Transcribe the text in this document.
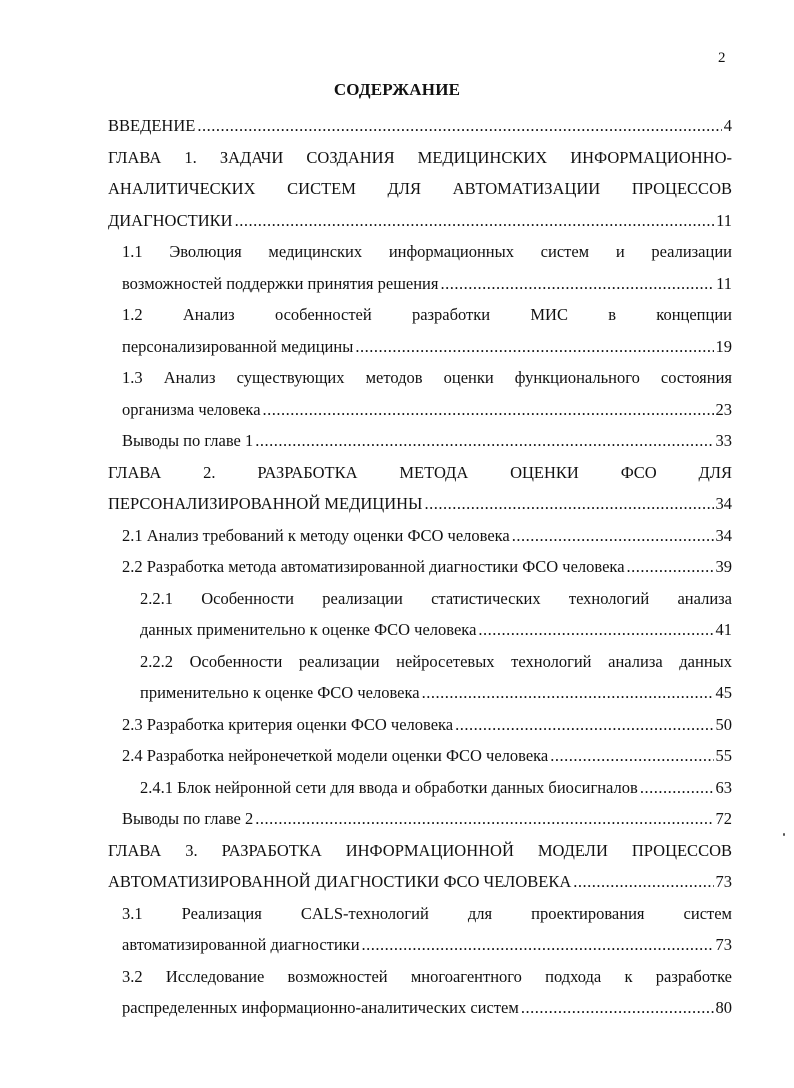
2
СОДЕРЖАНИЕ
ВВЕДЕНИЕ .....	4
ГЛАВА 1. ЗАДАЧИ СОЗДАНИЯ МЕДИЦИНСКИХ ИНФОРМАЦИОННО-
АНАЛИТИЧЕСКИХ СИСТЕМ ДЛЯ АВТОМАТИЗАЦИИ ПРОЦЕССОВ
ДИАГНОСТИКИ .....	11
1.1 Эволюция медицинских информационных систем и реализации
возможностей поддержки принятия решения .....	11
1.2 Анализ особенностей разработки МИС в концепции
персонализированной медицины .....	19
1.3 Анализ существующих методов оценки функционального состояния
организма человека .....	23
Выводы по главе 1 .....	33
ГЛАВА 2. РАЗРАБОТКА МЕТОДА ОЦЕНКИ ФСО ДЛЯ
ПЕРСОНАЛИЗИРОВАННОЙ МЕДИЦИНЫ .....	34
2.1 Анализ требований к методу оценки ФСО человека .....	34
2.2 Разработка метода автоматизированной диагностики ФСО человека .....	39
2.2.1 Особенности реализации статистических технологий анализа
данных применительно к оценке ФСО человека .....	41
2.2.2 Особенности реализации нейросетевых технологий анализа данных
применительно к оценке ФСО человека .....	45
2.3 Разработка критерия оценки ФСО человека .....	50
2.4 Разработка нейронечеткой модели оценки ФСО человека .....	55
2.4.1 Блок нейронной сети для ввода и обработки данных биосигналов .....	63
Выводы по главе 2 .....	72
ГЛАВА 3. РАЗРАБОТКА ИНФОРМАЦИОННОЙ МОДЕЛИ ПРОЦЕССОВ
АВТОМАТИЗИРОВАННОЙ ДИАГНОСТИКИ ФСО ЧЕЛОВЕКА .....	73
3.1 Реализация CALS-технологий для проектирования систем
автоматизированной диагностики .....	73
3.2 Исследование возможностей многоагентного подхода к разработке
распределенных информационно-аналитических систем .....	80
